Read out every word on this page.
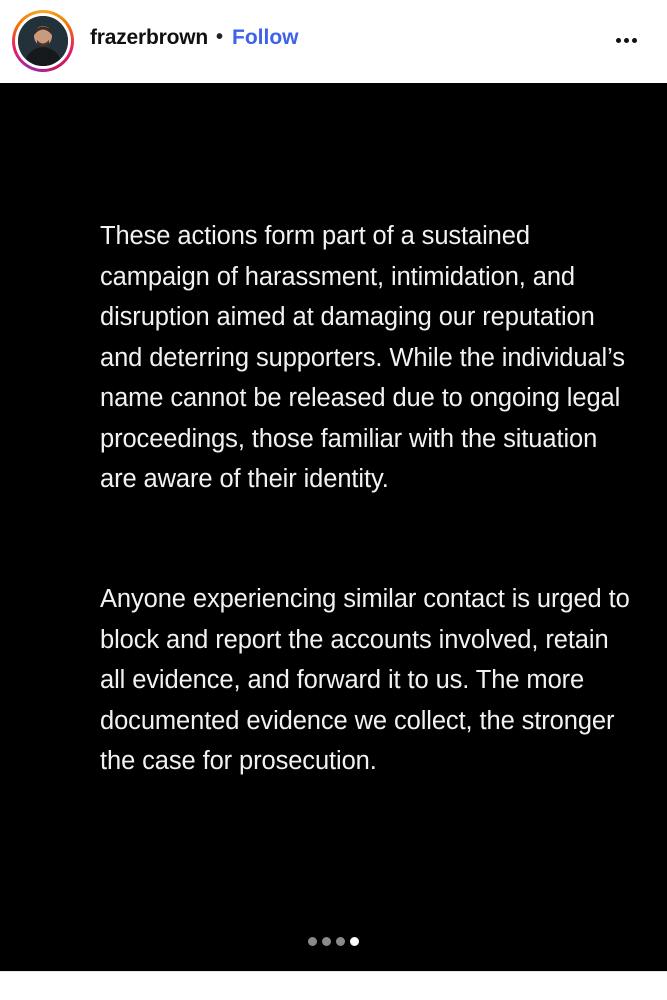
frazerbrown • Follow
These actions form part of a sustained campaign of harassment, intimidation, and disruption aimed at damaging our reputation and deterring supporters. While the individual’s name cannot be released due to ongoing legal proceedings, those familiar with the situation are aware of their identity.
Anyone experiencing similar contact is urged to block and report the accounts involved, retain all evidence, and forward it to us. The more documented evidence we collect, the stronger the case for prosecution.
